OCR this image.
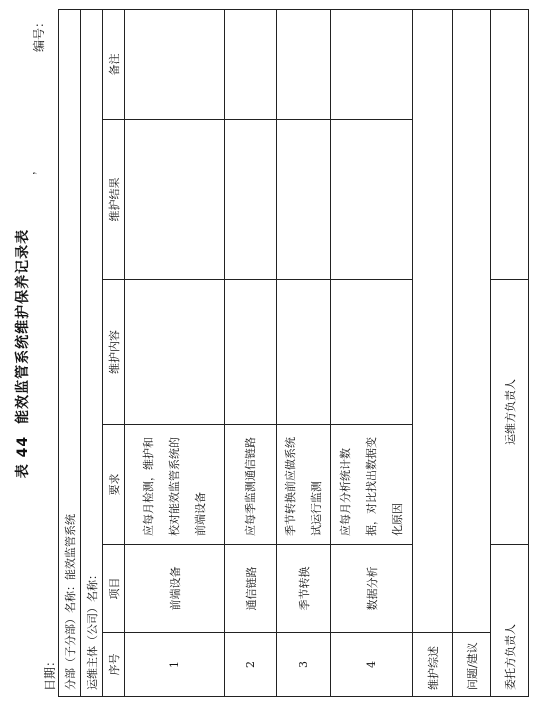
表 44能效监管系统维护保养记录表
，
编号：
日期： 分部（子分部）名称：能效监管系统					
运维主体（公司）名称：					
序号	项目	要求	维护内容	维护结果	备注
1	前端设备	应每月检测，维护和校对能效监管系统的前端设备			
2	通信链路	应每季监测通信链路			
3	季节转换	季节转换前应做系统试运行监测			
4	数据分析	应每月分析统计数据，对比找出数据变化原因			
维护综述					
问题/建议					
委托方负责人		运维方负责人			
